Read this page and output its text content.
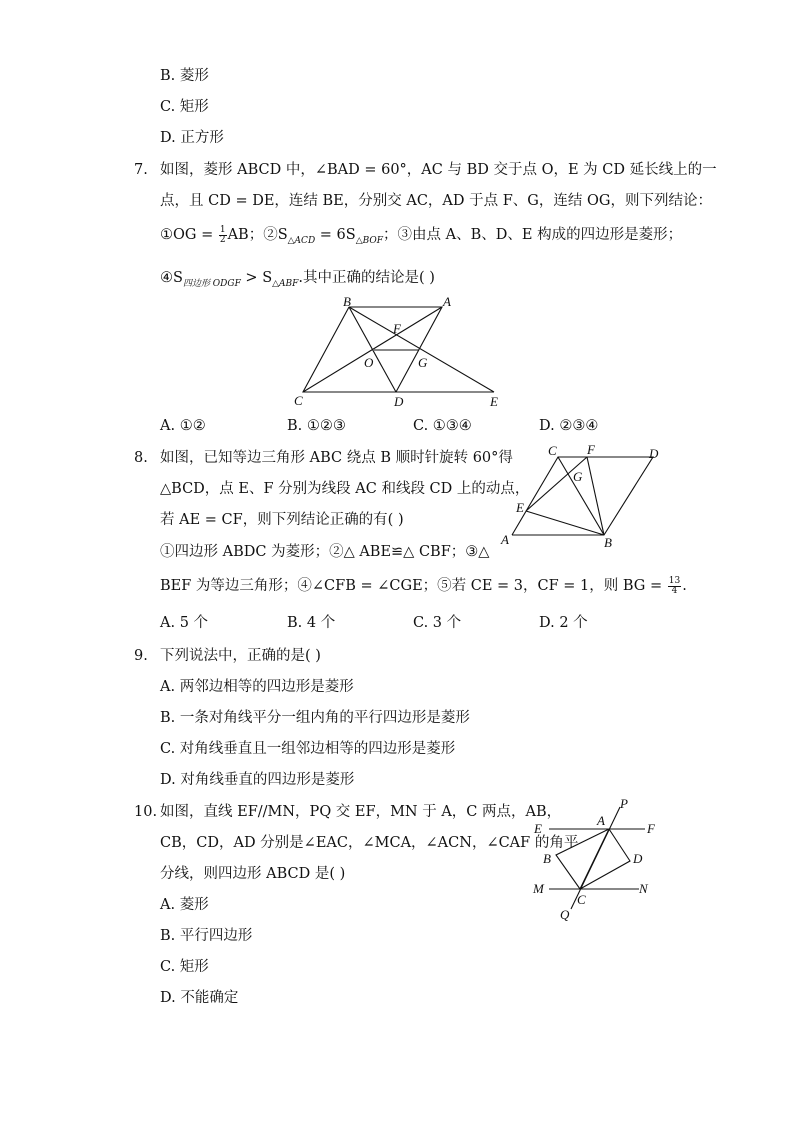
B. 菱形
C. 矩形
D. 正方形
7. 如图，菱形 ABCD 中，∠BAD = 60°，AC 与 BD 交于点 O，E 为 CD 延长线上的一
点，且 CD = DE，连结 BE，分别交 AC，AD 于点 F、G，连结 OG，则下列结论：
①OG = $\frac{1}{2}$ AB；$②S_{\triangle ACD} = 6S_{\triangle BOF}$；③由点 A、B、D、E 构成的四边形是菱形；
$④S_{四边形 ODGF} > S_{\triangle ABF}$.其中正确的结论是( )
B	A
F
O	G
C	D	E
A. ①②	B. ①②③	C. ①③④	D. ②③④
8. 如图，已知等边三角形 ABC 绕点 B 顺时针旋转 60°得
△BCD，点 E、F 分别为线段 AC 和线段 CD 上的动点，
若 AE = CF，则下列结论正确的有( )
①四边形 ABDC 为菱形；②△ ABE≌△ CBF；③△
BEF 为等边三角形；④∠CFB = ∠CGE；⑤若 CE = 3，CF = 1，则 BG = $\frac{13}{4}$ .
C F	D
G
E
A	B
A. 5 个	B. 4 个	C. 3 个	D. 2 个
9. 下列说法中，正确的是( )
A. 两邻边相等的四边形是菱形
B. 一条对角线平分一组内角的平行四边形是菱形
C. 对角线垂直且一组邻边相等的四边形是菱形
D. 对角线垂直的四边形是菱形
10. 如图，直线 EF//MN，PQ 交 EF，MN 于 A，C 两点，AB，
CB，CD，AD 分别是∠EAC，∠MCA，∠ACN，∠CAF 的角平
分线，则四边形 ABCD 是( )
P
E
A
F
B	D
M
C
N
Q
A. 菱形
B. 平行四边形
C. 矩形
D. 不能确定
